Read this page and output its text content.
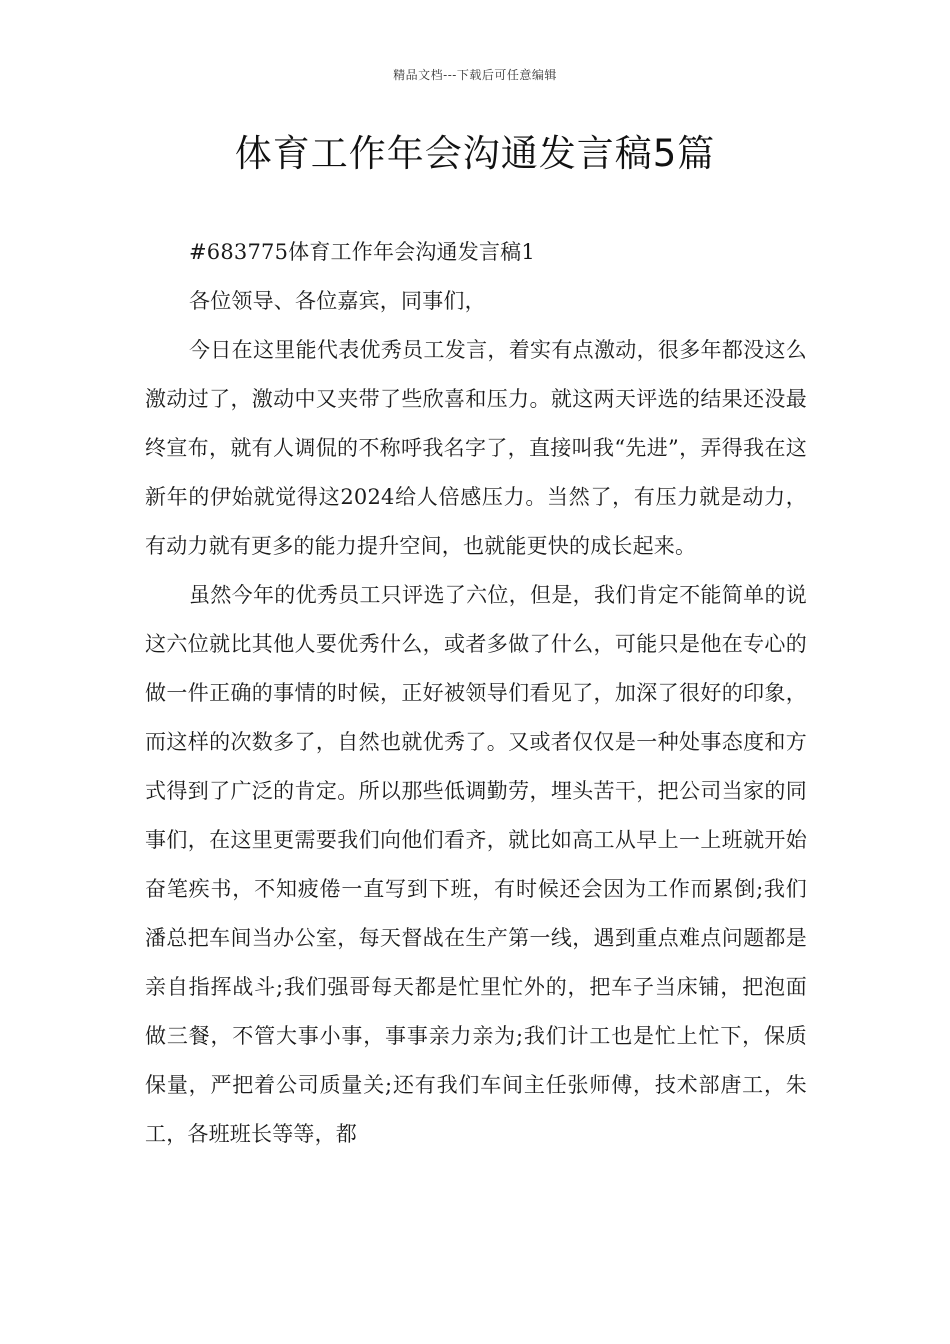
精品文档---下载后可任意编辑
体育工作年会沟通发言稿5篇

#683775体育工作年会沟通发言稿1

各位领导、各位嘉宾，同事们，

今日在这里能代表优秀员工发言，着实有点激动，很多年都没这么激动过了，激动中又夹带了些欣喜和压力。就这两天评选的结果还没最终宣布，就有人调侃的不称呼我名字了，直接叫我“先进”，弄得我在这新年的伊始就觉得这2024给人倍感压力。当然了，有压力就是动力，有动力就有更多的能力提升空间，也就能更快的成长起来。

虽然今年的优秀员工只评选了六位，但是，我们肯定不能简单的说这六位就比其他人要优秀什么，或者多做了什么，可能只是他在专心的做一件正确的事情的时候，正好被领导们看见了，加深了很好的印象，而这样的次数多了，自然也就优秀了。又或者仅仅是一种处事态度和方式得到了广泛的肯定。所以那些低调勤劳，埋头苦干，把公司当家的同事们，在这里更需要我们向他们看齐，就比如高工从早上一上班就开始奋笔疾书，不知疲倦一直写到下班，有时候还会因为工作而累倒;我们潘总把车间当办公室，每天督战在生产第一线，遇到重点难点问题都是亲自指挥战斗;我们强哥每天都是忙里忙外的，把车子当床铺，把泡面做三餐，不管大事小事，事事亲力亲为;我们计工也是忙上忙下，保质保量，严把着公司质量关;还有我们车间主任张师傅，技术部唐工，朱工，各班班长等等，都
